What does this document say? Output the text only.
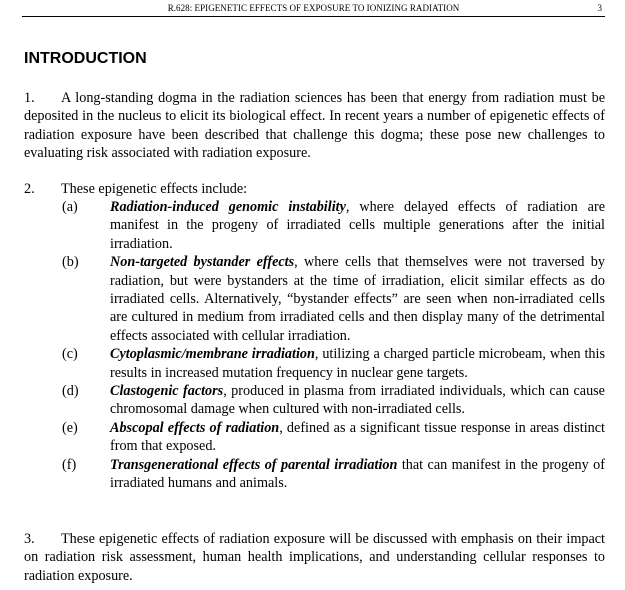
R.628: EPIGENETIC EFFECTS OF EXPOSURE TO IONIZING RADIATION	3
INTRODUCTION
1. A long-standing dogma in the radiation sciences has been that energy from radiation must be deposited in the nucleus to elicit its biological effect. In recent years a number of epigenetic effects of radiation exposure have been described that challenge this dogma; these pose new challenges to evaluating risk associated with radiation exposure.
2. These epigenetic effects include:
(a) Radiation-induced genomic instability, where delayed effects of radiation are manifest in the progeny of irradiated cells multiple generations after the initial irradiation.
(b) Non-targeted bystander effects, where cells that themselves were not traversed by radiation, but were bystanders at the time of irradiation, elicit similar effects as do irradiated cells. Alternatively, “bystander effects” are seen when non-irradiated cells are cultured in medium from irradiated cells and then display many of the detrimental effects associated with cellular irradiation.
(c) Cytoplasmic/membrane irradiation, utilizing a charged particle microbeam, when this results in increased mutation frequency in nuclear gene targets.
(d) Clastogenic factors, produced in plasma from irradiated individuals, which can cause chromosomal damage when cultured with non-irradiated cells.
(e) Abscopal effects of radiation, defined as a significant tissue response in areas distinct from that exposed.
(f) Transgenerational effects of parental irradiation that can manifest in the progeny of irradiated humans and animals.
3. These epigenetic effects of radiation exposure will be discussed with emphasis on their impact on radiation risk assessment, human health implications, and understanding cellular responses to radiation exposure.
